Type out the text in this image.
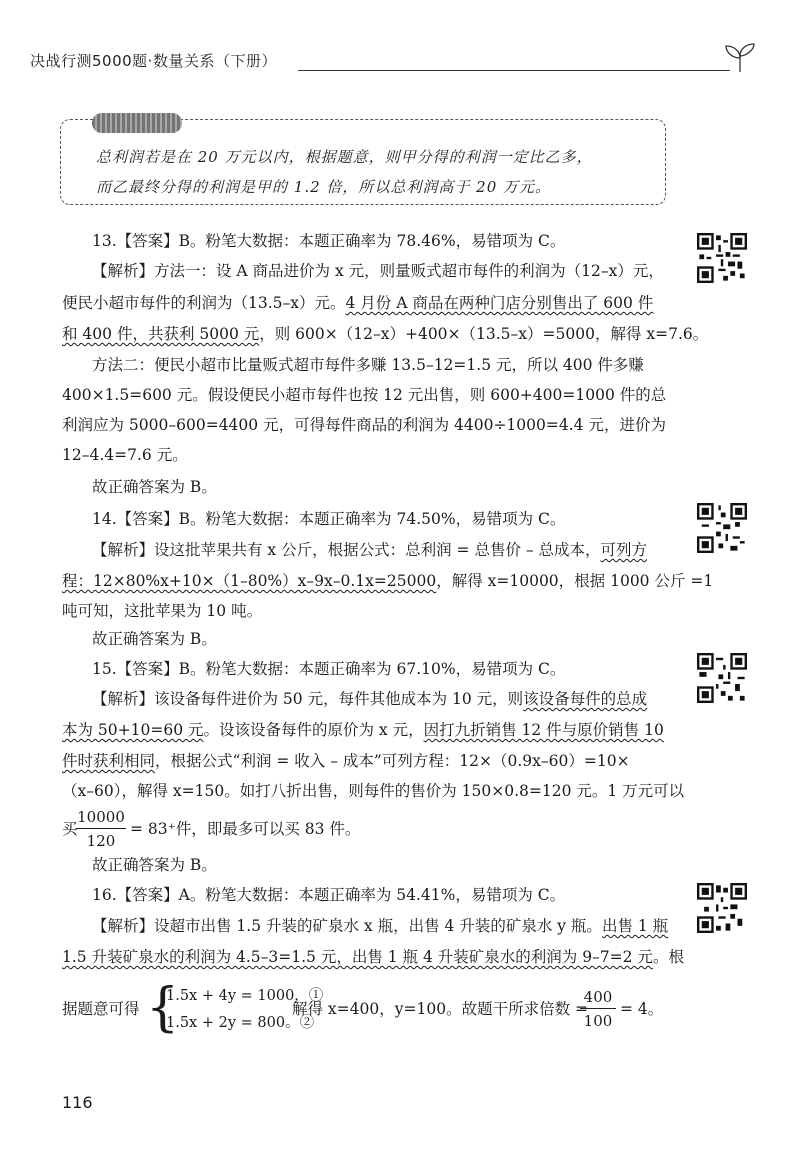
决战行测5000题·数量关系（下册）
总利润若是在 20 万元以内，根据题意，则甲分得的利润一定比乙多，
而乙最终分得的利润是甲的 1.2 倍，所以总利润高于 20 万元。
13.【答案】B。粉笔大数据：本题正确率为 78.46%，易错项为 C。
【解析】方法一：设 A 商品进价为 x 元，则量贩式超市每件的利润为（12–x）元，
便民小超市每件的利润为（13.5–x）元。4 月份 A 商品在两种门店分别售出了 600 件
和 400 件，共获利 5000 元，则 600×（12–x）+400×（13.5–x）=5000，解得 x=7.6。
方法二：便民小超市比量贩式超市每件多赚 13.5–12=1.5 元，所以 400 件多赚
400×1.5=600 元。假设便民小超市每件也按 12 元出售，则 600+400=1000 件的总
利润应为 5000–600=4400 元，可得每件商品的利润为 4400÷1000=4.4 元，进价为
12–4.4=7.6 元。
故正确答案为 B。
14.【答案】B。粉笔大数据：本题正确率为 74.50%，易错项为 C。
【解析】设这批苹果共有 x 公斤，根据公式：总利润 = 总售价 – 总成本，可列方
程：12×80%x+10×（1–80%）x–9x–0.1x=25000，解得 x=10000，根据 1000 公斤 =1
吨可知，这批苹果为 10 吨。
故正确答案为 B。
15.【答案】B。粉笔大数据：本题正确率为 67.10%，易错项为 C。
【解析】该设备每件进价为 50 元，每件其他成本为 10 元，则该设备每件的总成
本为 50+10=60 元。设该设备每件的原价为 x 元，因打九折销售 12 件与原价销售 10
件时获利相同，根据公式“利润 = 收入 – 成本”可列方程：12×（0.9x–60）=10×
（x–60），解得 x=150。如打八折出售，则每件的售价为 150×0.8=120 元。1 万元可以
买
10000
120
= 83⁺件，即最多可以买 83 件。
故正确答案为 B。
16.【答案】A。粉笔大数据：本题正确率为 54.41%，易错项为 C。
【解析】设超市出售 1.5 升装的矿泉水 x 瓶，出售 4 升装的矿泉水 y 瓶。出售 1 瓶
1.5 升装矿泉水的利润为 4.5–3=1.5 元，出售 1 瓶 4 升装矿泉水的利润为 9–7=2 元。根
据题意可得 {
1.5x + 4y = 1000，①
1.5x + 2y = 800。②
解得 x=400，y=100。故题干所求倍数 =
400
100
= 4。
116
